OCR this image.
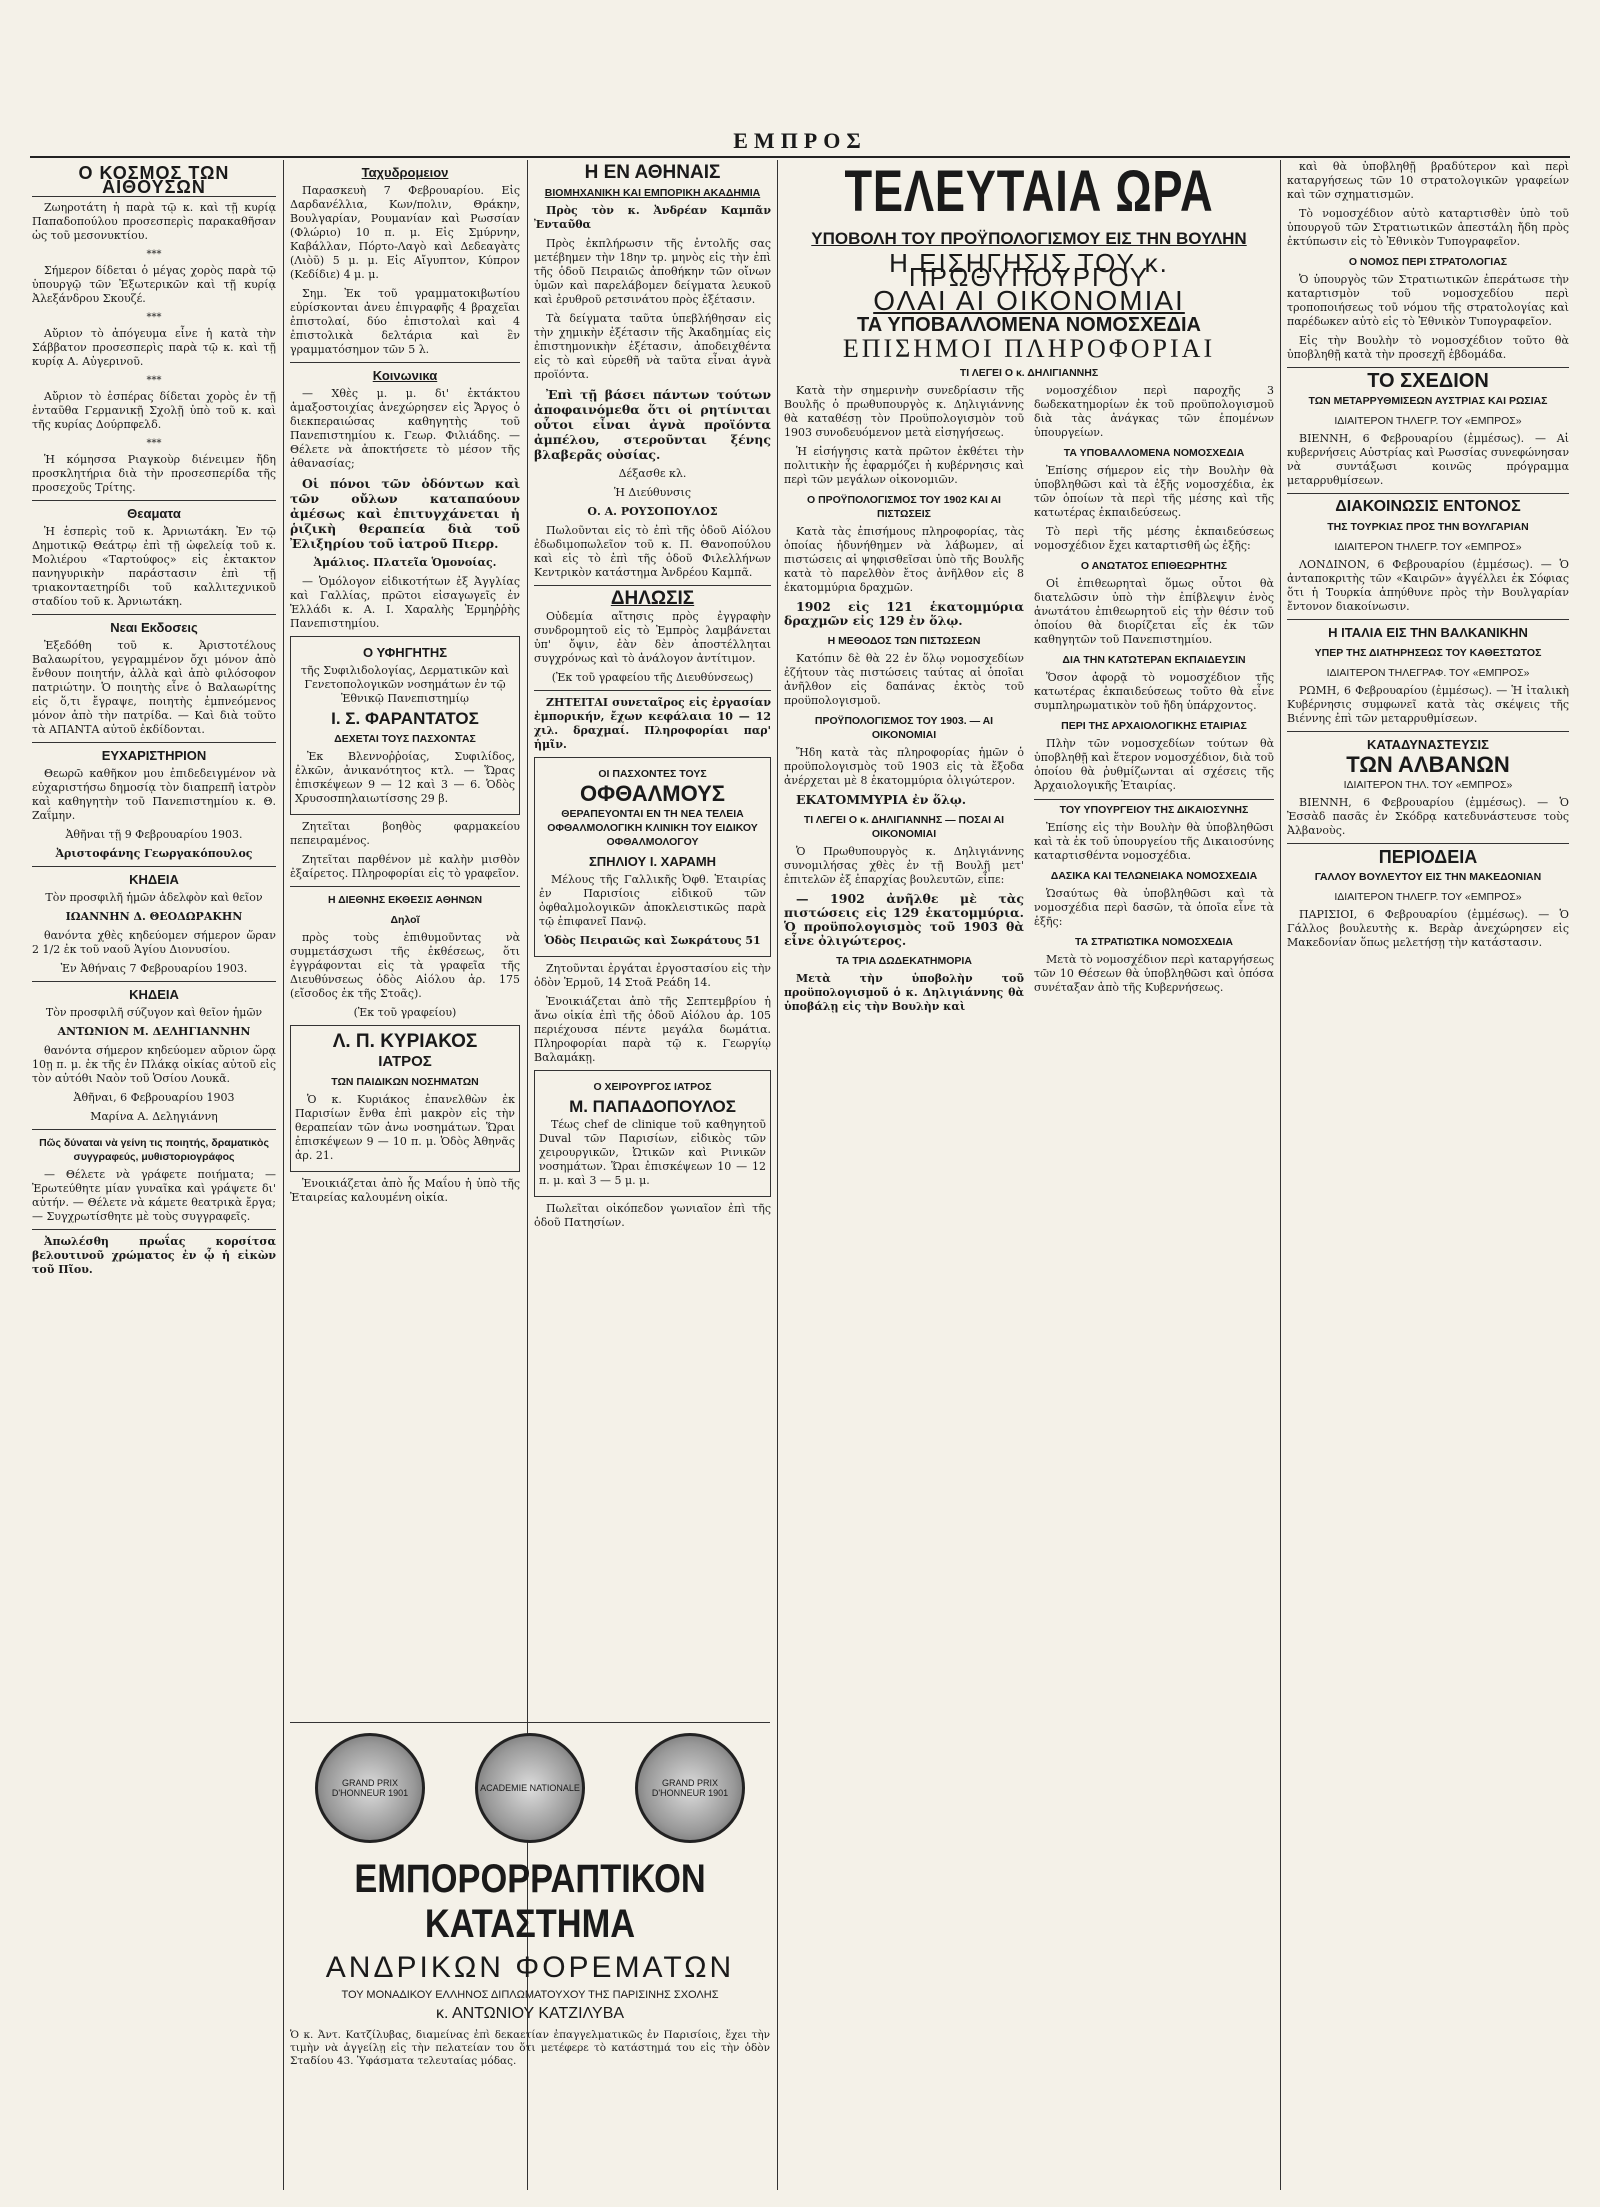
ΕΜΠΡΟΣ
Ο ΚΟΣΜΟΣ ΤΩΝ ΑΙΘΟΥΣΩΝ

Ζωηροτάτη ἡ παρὰ τῷ κ. καὶ τῇ κυρίᾳ Παπαδοπούλου προσεσπερὶς παρακαθῆσαν ὡς τοῦ μεσονυκτίου.

***

Σήμερον δίδεται ὁ μέγας χορὸς παρὰ τῷ ὑπουργῷ τῶν Ἐξωτερικῶν καὶ τῇ κυρίᾳ Ἀλεξάνδρου Σκουζέ.

***

Αὔριον τὸ ἀπόγευμα εἶνε ἡ κατὰ τὴν Σάββατον προσεσπερὶς παρὰ τῷ κ. καὶ τῇ κυρίᾳ Α. Αὐγερινοῦ.

***

Αὔριον τὸ ἑσπέρας δίδεται χορὸς ἐν τῇ ἐνταῦθα Γερμανικῇ Σχολῇ ὑπὸ τοῦ κ. καὶ τῆς κυρίας Δούρπφελδ.

***

Ἡ κόμησσα Ριαγκοὺρ διένειμεν ἤδη προσκλητήρια διὰ τὴν προσεσπερίδα τῆς προσεχοῦς Τρίτης.

Θεαματα

Ἡ ἑσπερὶς τοῦ κ. Ἀρνιωτάκη. Ἐν τῷ Δημοτικῷ Θεάτρῳ ἐπὶ τῇ ὠφελείᾳ τοῦ κ. Μολιέρου «Ταρτούφος» εἰς ἐκτακτον πανηγυρικὴν παράστασιν ἐπὶ τῇ τριακονταετηρίδι τοῦ καλλιτεχνικοῦ σταδίου τοῦ κ. Ἀρνιωτάκη.

Νεαι Εκδοσεις

Ἐξεδόθη τοῦ κ. Ἀριστοτέλους Βαλαωρίτου, γεγραμμένον ὄχι μόνον ἀπὸ ἔνθουν ποιητήν, ἀλλὰ καὶ ἀπὸ φιλόσοφον πατριώτην. Ὁ ποιητὴς εἶνε ὁ Βαλαωρίτης εἰς ὅ,τι ἔγραψε, ποιητὴς ἐμπνεόμενος μόνον ἀπὸ τὴν πατρίδα. — Καὶ διὰ τοῦτο τὰ ΑΠΑΝΤΑ αὐτοῦ ἐκδίδονται.

ΕΥΧΑΡΙΣΤΗΡΙΟΝ

Θεωρῶ καθῆκον μου ἐπιδεδειγμένον νὰ εὐχαριστήσω δημοσίᾳ τὸν διαπρεπῆ ἰατρὸν καὶ καθηγητὴν τοῦ Πανεπιστημίου κ. Θ. Ζαΐμην.

Ἀθῆναι τῇ 9 Φεβρουαρίου 1903.

Ἀριστοφάνης Γεωργακόπουλος

ΚΗΔΕΙΑ

Τὸν προσφιλῆ ἡμῶν ἀδελφὸν καὶ θεῖον

ΙΩΑΝΝΗΝ Δ. ΘΕΟΔΩΡΑΚΗΝ

θανόντα χθὲς κηδεύομεν σήμερον ὥραν 2 1/2 ἐκ τοῦ ναοῦ Ἁγίου Διονυσίου.

Ἐν Ἀθήναις 7 Φεβρουαρίου 1903.

ΚΗΔΕΙΑ

Τὸν προσφιλῆ σύζυγον καὶ θεῖον ἡμῶν

ΑΝΤΩΝΙΟΝ Μ. ΔΕΛΗΓΙΑΝΝΗΝ

θανόντα σήμερον κηδεύομεν αὔριον ὥρᾳ 10ῃ π. μ. ἐκ τῆς ἐν Πλάκᾳ οἰκίας αὐτοῦ εἰς τὸν αὐτόθι Ναὸν τοῦ Ὁσίου Λουκᾶ.

Ἀθῆναι, 6 Φεβρουαρίου 1903

Μαρίνα Α. Δεληγιάννη

Πῶς δύναται νὰ γείνη τις ποιητής, δραματικὸς συγγραφεύς, μυθιστοριογράφος

— Θέλετε νὰ γράφετε ποιήματα; — Ἐρωτεύθητε μίαν γυναῖκα καὶ γράψετε δι' αὐτήν. — Θέλετε νὰ κάμετε θεατρικὰ ἔργα; — Συγχρωτίσθητε μὲ τοὺς συγγραφεῖς.

Ἀπωλέσθη πρωΐας κορσίτσα βελουτινοῦ χρώματος ἐν ᾧ ἡ εἰκὼν τοῦ Πῖου.

Ταχυδρομειον

Παρασκευὴ 7 Φεβρουαρίου. Εἰς Δαρδανέλλια, Κων/πολιν, Θράκην, Βουλγαρίαν, Ρουμανίαν καὶ Ρωσσίαν (Φλώριο) 10 π. μ. Εἰς Σμύρνην, Καβάλλαν, Πόρτο-Λαγὸ καὶ Δεδεαγὰτς (Λιὸῦ) 5 μ. μ. Εἰς Αἴγυπτον, Κύπρον (Κεδίδιε) 4 μ. μ.

Σημ. Ἐκ τοῦ γραμματοκιβωτίου εὑρίσκονται ἀνευ ἐπιγραφῆς 4 βραχεῖαι ἐπιστολαί, δύο ἐπιστολαὶ καὶ 4 ἐπιστολικὰ δελτάρια καὶ ἓν γραμματόσημον τῶν 5 λ.

Κοινωνικα

— Χθὲς μ. μ. δι' ἐκτάκτου ἀμαξοστοιχίας ἀνεχώρησεν εἰς Ἄργος ὁ διεκπεραιώσας καθηγητὴς τοῦ Πανεπιστημίου κ. Γεωρ. Φιλιάδης. — Θέλετε νὰ ἀποκτήσετε τὸ μέσον τῆς ἀθανασίας;

Οἱ πόνοι τῶν ὀδόντων καὶ τῶν οὔλων καταπαύουν ἀμέσως καὶ ἐπιτυγχάνεται ἡ ῥιζικὴ θεραπεία διὰ τοῦ Ἐλιξηρίου τοῦ ἰατροῦ Πιερρ.

Ἀμάλιος. Πλατεῖα Ὁμονοίας.

— Ὁμόλογον εἰδικοτήτων ἐξ Ἀγγλίας καὶ Γαλλίας, πρῶτοι εἰσαγωγεῖς ἐν Ἑλλάδι κ. Α. Ι. Χαραλὴς Ἐρμηῤῥὴς Πανεπιστημίου.

Ο ΥΦΗΓΗΤΗΣ

τῆς Συφιλιδολογίας, Δερματικῶν καὶ Γενετοπολογικῶν νοσημάτων ἐν τῷ Ἐθνικῷ Πανεπιστημίῳ

Ι. Σ. ΦΑΡΑΝΤΑΤΟΣ
ΔΕΧΕΤΑΙ ΤΟΥΣ ΠΑΣΧΟΝΤΑΣ

Ἐκ Βλεννοῤῥοίας, Συφιλίδος, ἐλκῶν, ἀνικανότητος κτλ. — Ὥρας ἐπισκέψεων 9 — 12 καὶ 3 — 6. Ὁδὸς Χρυσοσπηλαιωτίσσης 29 β.

Ζητεῖται βοηθὸς φαρμακείου πεπειραμένος.

Ζητεῖται παρθένον μὲ καλὴν μισθὸν ἐξαίρετος. Πληροφορίαι εἰς τὸ γραφεῖον.

Η ΔΙΕΘΝΗΣ ΕΚΘΕΣΙΣ ΑΘΗΝΩΝ
Δηλοῖ

πρὸς τοὺς ἐπιθυμοῦντας νὰ συμμετάσχωσι τῆς ἐκθέσεως, ὅτι ἐγγράφονται εἰς τὰ γραφεῖα τῆς Διευθύνσεως ὁδὸς Αἰόλου ἀρ. 175 (εἴσοδος ἐκ τῆς Στοᾶς).

(Ἐκ τοῦ γραφείου)

Λ. Π. ΚΥΡΙΑΚΟΣ
ΙΑΤΡΟΣ
ΤΩΝ ΠΑΙΔΙΚΩΝ ΝΟΣΗΜΑΤΩΝ

Ὁ κ. Κυριάκος ἐπανελθὼν ἐκ Παρισίων ἔνθα ἐπὶ μακρὸν εἰς τὴν θεραπείαν τῶν ἀνω νοσημάτων. Ὥραι ἐπισκέψεων 9 — 10 π. μ. Ὁδὸς Ἀθηνᾶς ἀρ. 21.

Ἐνοικιάζεται ἀπὸ ἧς Μαΐου ἡ ὑπὸ τῆς Ἐταιρείας καλουμένη οἰκία.

Η ΕΝ ΑΘΗΝΑΙΣ
ΒΙΟΜΗΧΑΝΙΚΗ ΚΑΙ ΕΜΠΟΡΙΚΗ ΑΚΑΔΗΜΙΑ

Πρὸς τὸν κ. Ἀνδρέαν Καμπᾶν Ἐνταῦθα

Πρὸς ἐκπλήρωσιν τῆς ἐντολῆς σας μετέβημεν τὴν 18ην τρ. μηνὸς εἰς τὴν ἐπὶ τῆς ὁδοῦ Πειραιῶς ἀποθήκην τῶν οἴνων ὑμῶν καὶ παρελάβομεν δείγματα λευκοῦ καὶ ἐρυθροῦ ρετσινάτου πρὸς ἐξέτασιν.

Τὰ δείγματα ταῦτα ὑπεβλήθησαν εἰς τὴν χημικὴν ἐξέτασιν τῆς Ἀκαδημίας εἰς ἐπιστημονικὴν ἐξέτασιν, ἀποδειχθέντα εἰς τὸ καὶ εὑρεθῆ νὰ ταῦτα εἶναι ἀγνὰ προϊόντα.

Ἐπὶ τῇ βάσει πάντων τούτων ἀποφαινόμεθα ὅτι οἱ ρητίνιται οὗτοι εἶναι ἀγνὰ προϊόντα ἀμπέλου, στεροῦνται ξένης βλαβερᾶς οὐσίας.

Δέξασθε κλ.

Ἡ Διεύθυνσις

Ο. Α. ΡΟΥΣΟΠΟΥΛΟΣ

Πωλοῦνται εἰς τὸ ἐπὶ τῆς ὁδοῦ Αἰόλου ἐδωδιμοπωλεῖον τοῦ κ. Π. Θανοπούλου καὶ εἰς τὸ ἐπὶ τῆς ὁδοῦ Φιλελλήνων Κεντρικὸν κατάστημα Ἀνδρέου Καμπᾶ.

ΔΗΛΩΣΙΣ

Οὐδεμία αἴτησις πρὸς ἐγγραφὴν συνδρομητοῦ εἰς τὸ Ἐμπρὸς λαμβάνεται ὑπ' ὄψιν, ἐὰν δὲν ἀποστέλληται συγχρόνως καὶ τὸ ἀνάλογον ἀντίτιμον.

(Ἐκ τοῦ γραφείου τῆς Διευθύνσεως)

ΖΗΤΕΙΤΑΙ συνεταῖρος εἰς ἐργασίαν ἐμπορικήν, ἔχων κεφάλαια 10 — 12 χιλ. δραχμαί. Πληροφορίαι παρ' ἡμῖν.

ΟΙ ΠΑΣΧΟΝΤΕΣ ΤΟΥΣ
ΟΦΘΑΛΜΟΥΣ
ΘΕΡΑΠΕΥΟΝΤΑΙ ΕΝ ΤΗ ΝΕΑ ΤΕΛΕΙΑ ΟΦΘΑΛΜΟΛΟΓΙΚΗ ΚΛΙΝΙΚΗ ΤΟΥ ΕΙΔΙΚΟΥ ΟΦΘΑΛΜΟΛΟΓΟΥ
ΣΠΗΛΙΟΥ Ι. ΧΑΡΑΜΗ

Μέλους τῆς Γαλλικῆς Ὀφθ. Ἑταιρίας ἐν Παρισίοις εἰδικοῦ τῶν ὀφθαλμολογικῶν ἀποκλειστικῶς παρὰ τῷ ἐπιφανεῖ Πανῷ.

Ὁδὸς Πειραιῶς καὶ Σωκράτους 51

Ζητοῦνται ἐργάται ἐργοστασίου εἰς τὴν ὁδὸν Ἑρμοῦ, 14 Στοᾶ Ρεάδη 14.

Ἐνοικιάζεται ἀπὸ τῆς Σεπτεμβρίου ἡ ἄνω οἰκία ἐπὶ τῆς ὁδοῦ Αἰόλου ἀρ. 105 περιέχουσα πέντε μεγάλα δωμάτια. Πληροφορίαι παρὰ τῷ κ. Γεωργίῳ Βαλαμάκῃ.

Ο ΧΕΙΡΟΥΡΓΟΣ ΙΑΤΡΟΣ
Μ. ΠΑΠΑΔΟΠΟΥΛΟΣ

Τέως chef de clinique τοῦ καθηγητοῦ Duval τῶν Παρισίων, εἰδικὸς τῶν χειρουργικῶν, Ὠτικῶν καὶ Ρινικῶν νοσημάτων. Ὥραι ἐπισκέψεων 10 — 12 π. μ. καὶ 3 — 5 μ. μ.

Πωλεῖται οἰκόπεδον γωνιαῖον ἐπὶ τῆς ὁδοῦ Πατησίων.

ΤΕΛΕΥΤΑΙΑ ΩΡΑ
ΥΠΟΒΟΛΗ ΤΟΥ ΠΡΟΫΠΟΛΟΓΙΣΜΟΥ ΕΙΣ ΤΗΝ ΒΟΥΛΗΝ
Η ΕΙΣΗΓΗΣΙΣ ΤΟΥ κ. ΠΡΩΘΥΠΟΥΡΓΟΥ
ΟΛΑΙ ΑΙ ΟΙΚΟΝΟΜΙΑΙ
ΤΑ ΥΠΟΒΑΛΛΟΜΕΝΑ ΝΟΜΟΣΧΕΔΙΑ
ΕΠΙΣΗΜΟΙ ΠΛΗΡΟΦΟΡΙΑΙ
ΤΙ ΛΕΓΕΙ Ο κ. ΔΗΛΙΓΙΑΝΝΗΣ

Κατὰ τὴν σημερινὴν συνεδρίασιν τῆς Βουλῆς ὁ πρωθυπουργὸς κ. Δηλιγιάννης θὰ καταθέσῃ τὸν Προϋπολογισμὸν τοῦ 1903 συνοδευόμενον μετὰ εἰσηγήσεως.

Ἡ εἰσήγησις κατὰ πρῶτον ἐκθέτει τὴν πολιτικὴν ἧς ἐφαρμόζει ἡ κυβέρνησις καὶ περὶ τῶν μεγάλων οἰκονομιῶν.

Ο ΠΡΟΫΠΟΛΟΓΙΣΜΟΣ ΤΟΥ 1902 ΚΑΙ ΑΙ ΠΙΣΤΩΣΕΙΣ

Κατὰ τὰς ἐπισήμους πληροφορίας, τὰς ὁποίας ἠδυνήθημεν νὰ λάβωμεν, αἱ πιστώσεις αἱ ψηφισθεῖσαι ὑπὸ τῆς Βουλῆς κατὰ τὸ παρελθὸν ἔτος ἀνῆλθον εἰς 8 ἑκατομμύρια δραχμῶν.

1902 εἰς 121 ἑκατομμύρια δραχμῶν εἰς 129 ἐν ὅλῳ.

Η ΜΕΘΟΔΟΣ ΤΩΝ ΠΙΣΤΩΣΕΩΝ

Κατόπιν δὲ θὰ 22 ἐν ὅλῳ νομοσχεδίων ἐζήτουν τὰς πιστώσεις ταύτας αἱ ὁποῖαι ἀνῆλθον εἰς δαπάνας ἐκτὸς τοῦ προϋπολογισμοῦ.

ΠΡΟΫΠΟΛΟΓΙΣΜΟΣ ΤΟΥ 1903. — ΑΙ ΟΙΚΟΝΟΜΙΑΙ

Ἤδη κατὰ τὰς πληροφορίας ἡμῶν ὁ προϋπολογισμὸς τοῦ 1903 εἰς τὰ ἔξοδα ἀνέρχεται μὲ 8 ἑκατομμύρια ὀλιγώτερον.

ΕΚΑΤΟΜΜΥΡΙΑ ἐν ὅλῳ.

ΤΙ ΛΕΓΕΙ Ο κ. ΔΗΛΙΓΙΑΝΝΗΣ — ΠΟΣΑΙ ΑΙ ΟΙΚΟΝΟΜΙΑΙ

Ὁ Πρωθυπουργὸς κ. Δηλιγιάννης συνομιλήσας χθὲς ἐν τῇ Βουλῇ μετ' ἐπιτελῶν ἐξ ἐπαρχίας βουλευτῶν, εἶπε:

— 1902 ἀνῆλθε μὲ τὰς πιστώσεις εἰς 129 ἑκατομμύρια. Ὁ προϋπολογισμὸς τοῦ 1903 θὰ εἶνε ὀλιγώτερος.

ΤΑ ΤΡΙΑ ΔΩΔΕΚΑΤΗΜΟΡΙΑ

Μετὰ τὴν ὑποβολὴν τοῦ προϋπολογισμοῦ ὁ κ. Δηλιγιάννης θὰ ὑποβάλῃ εἰς τὴν Βουλὴν καὶ

νομοσχέδιον περὶ παροχῆς 3 δωδεκατημορίων ἐκ τοῦ προϋπολογισμοῦ διὰ τὰς ἀνάγκας τῶν ἑπομένων ὑπουργείων.

ΤΑ ΥΠΟΒΑΛΛΟΜΕΝΑ ΝΟΜΟΣΧΕΔΙΑ

Ἐπίσης σήμερον εἰς τὴν Βουλὴν θὰ ὑποβληθῶσι καὶ τὰ ἑξῆς νομοσχέδια, ἐκ τῶν ὁποίων τὰ περὶ τῆς μέσης καὶ τῆς κατωτέρας ἐκπαιδεύσεως.

Τὸ περὶ τῆς μέσης ἐκπαιδεύσεως νομοσχέδιον ἔχει καταρτισθῆ ὡς ἑξῆς:

Ο ΑΝΩΤΑΤΟΣ ΕΠΙΘΕΩΡΗΤΗΣ

Οἱ ἐπιθεωρηταὶ ὅμως οὗτοι θὰ διατελῶσιν ὑπὸ τὴν ἐπίβλεψιν ἑνὸς ἀνωτάτου ἐπιθεωρητοῦ εἰς τὴν θέσιν τοῦ ὁποίου θὰ διορίζεται εἷς ἐκ τῶν καθηγητῶν τοῦ Πανεπιστημίου.

ΔΙΑ ΤΗΝ ΚΑΤΩΤΕΡΑΝ ΕΚΠΑΙΔΕΥΣΙΝ

Ὅσον ἀφορᾷ τὸ νομοσχέδιον τῆς κατωτέρας ἐκπαιδεύσεως τοῦτο θὰ εἶνε συμπληρωματικὸν τοῦ ἤδη ὑπάρχοντος.

ΠΕΡΙ ΤΗΣ ΑΡΧΑΙΟΛΟΓΙΚΗΣ ΕΤΑΙΡΙΑΣ

Πλὴν τῶν νομοσχεδίων τούτων θὰ ὑποβληθῇ καὶ ἕτερον νομοσχέδιον, διὰ τοῦ ὁποίου θὰ ῥυθμίζωνται αἱ σχέσεις τῆς Ἀρχαιολογικῆς Ἑταιρίας.

ΤΟΥ ΥΠΟΥΡΓΕΙΟΥ ΤΗΣ ΔΙΚΑΙΟΣΥΝΗΣ

Ἐπίσης εἰς τὴν Βουλὴν θὰ ὑποβληθῶσι καὶ τὰ ἐκ τοῦ ὑπουργείου τῆς Δικαιοσύνης καταρτισθέντα νομοσχέδια.

ΔΑΣΙΚΑ ΚΑΙ ΤΕΛΩΝΕΙΑΚΑ ΝΟΜΟΣΧΕΔΙΑ

Ὡσαύτως θὰ ὑποβληθῶσι καὶ τὰ νομοσχέδια περὶ δασῶν, τὰ ὁποῖα εἶνε τὰ ἑξῆς:

ΤΑ ΣΤΡΑΤΙΩΤΙΚΑ ΝΟΜΟΣΧΕΔΙΑ

Μετὰ τὸ νομοσχέδιον περὶ καταργήσεως τῶν 10 Θέσεων θὰ ὑποβληθῶσι καὶ ὁπόσα συνέταξαν ἀπὸ τῆς Κυβερνήσεως.

καὶ θὰ ὑποβληθῇ βραδύτερον καὶ περὶ καταργήσεως τῶν 10 στρατολογικῶν γραφείων καὶ τῶν σχηματισμῶν.

Τὸ νομοσχέδιον αὐτὸ καταρτισθὲν ὑπὸ τοῦ ὑπουργοῦ τῶν Στρατιωτικῶν ἀπεστάλη ἤδη πρὸς ἐκτύπωσιν εἰς τὸ Ἐθνικὸν Τυπογραφεῖον.

Ο ΝΟΜΟΣ ΠΕΡΙ ΣΤΡΑΤΟΛΟΓΙΑΣ

Ὁ ὑπουργὸς τῶν Στρατιωτικῶν ἐπεράτωσε τὴν καταρτισμὸν τοῦ νομοσχεδίου περὶ τροποποιήσεως τοῦ νόμου τῆς στρατολογίας καὶ παρέδωκεν αὐτὸ εἰς τὸ Ἐθνικὸν Τυπογραφεῖον.

Εἰς τὴν Βουλὴν τὸ νομοσχέδιον τοῦτο θὰ ὑποβληθῇ κατὰ τὴν προσεχῆ ἑβδομάδα.

ΤΟ ΣΧΕΔΙΟΝ
ΤΩΝ ΜΕΤΑΡΡΥΘΜΙΣΕΩΝ ΑΥΣΤΡΙΑΣ ΚΑΙ ΡΩΣΙΑΣ
ΙΔΙΑΙΤΕΡΟΝ ΤΗΛΕΓΡ. ΤΟΥ «ΕΜΠΡΟΣ»

ΒΙΕΝΝΗ, 6 Φεβρουαρίου (ἐμμέσως). — Αἱ κυβερνήσεις Αὐστρίας καὶ Ρωσσίας συνεφώνησαν νὰ συντάξωσι κοινῶς πρόγραμμα μεταρρυθμίσεων.

ΔΙΑΚΟΙΝΩΣΙΣ ΕΝΤΟΝΟΣ
ΤΗΣ ΤΟΥΡΚΙΑΣ ΠΡΟΣ ΤΗΝ ΒΟΥΛΓΑΡΙΑΝ
ΙΔΙΑΙΤΕΡΟΝ ΤΗΛΕΓΡ. ΤΟΥ «ΕΜΠΡΟΣ»

ΛΟΝΔΙΝΟΝ, 6 Φεβρουαρίου (ἐμμέσως). — Ὁ ἀνταποκριτὴς τῶν «Καιρῶν» ἀγγέλλει ἐκ Σόφιας ὅτι ἡ Τουρκία ἀπηύθυνε πρὸς τὴν Βουλγαρίαν ἔντονον διακοίνωσιν.

Η ΙΤΑΛΙΑ ΕΙΣ ΤΗΝ ΒΑΛΚΑΝΙΚΗΝ
ΥΠΕΡ ΤΗΣ ΔΙΑΤΗΡΗΣΕΩΣ ΤΟΥ ΚΑΘΕΣΤΩΤΟΣ
ΙΔΙΑΙΤΕΡΟΝ ΤΗΛΕΓΡΑΦ. ΤΟΥ «ΕΜΠΡΟΣ»

ΡΩΜΗ, 6 Φεβρουαρίου (ἐμμέσως). — Ἡ ἰταλικὴ Κυβέρνησις συμφωνεῖ κατὰ τὰς σκέψεις τῆς Βιέννης ἐπὶ τῶν μεταρρυθμίσεων.

ΚΑΤΑΔΥΝΑΣΤΕΥΣΙΣ
ΤΩΝ ΑΛΒΑΝΩΝ
ΙΔΙΑΙΤΕΡΟΝ ΤΗΛ. ΤΟΥ «ΕΜΠΡΟΣ»

ΒΙΕΝΝΗ, 6 Φεβρουαρίου (ἐμμέσως). — Ὁ Ἐσσὰδ πασᾶς ἐν Σκόδρᾳ κατεδυνάστευσε τοὺς Ἀλβανοὺς.

ΠΕΡΙΟΔΕΙΑ
ΓΑΛΛΟΥ ΒΟΥΛΕΥΤΟΥ ΕΙΣ ΤΗΝ ΜΑΚΕΔΟΝΙΑΝ
ΙΔΙΑΙΤΕΡΟΝ ΤΗΛΕΓΡ. ΤΟΥ «ΕΜΠΡΟΣ»

ΠΑΡΙΣΙΟΙ, 6 Φεβρουαρίου (ἐμμέσως). — Ὁ Γάλλος βουλευτὴς κ. Βερὰρ ἀνεχώρησεν εἰς Μακεδονίαν ὅπως μελετήσῃ τὴν κατάστασιν.

GRAND PRIX D'HONNEUR 1901	ACADEMIE NATIONALE	GRAND PRIX D'HONNEUR 1901
ΕΜΠΟΡΟΡΡΑΠΤΙΚΟΝ ΚΑΤΑΣΤΗΜΑ
ΑΝΔΡΙΚΩΝ ΦΟΡΕΜΑΤΩΝ
ΤΟΥ ΜΟΝΑΔΙΚΟΥ ΕΛΛΗΝΟΣ ΔΙΠΛΩΜΑΤΟΥΧΟΥ ΤΗΣ ΠΑΡΙΣΙΝΗΣ ΣΧΟΛΗΣ
κ. ΑΝΤΩΝΙΟΥ ΚΑΤΖΙΛΥΒΑ
Ὁ κ. Ἀντ. Κατζίλυβας, διαμείνας ἐπὶ δεκαετίαν ἐπαγγελματικῶς ἐν Παρισίοις, ἔχει τὴν τιμὴν νὰ ἀγγείλῃ εἰς τὴν πελατείαν του ὅτι μετέφερε τὸ κατάστημά του εἰς τὴν ὁδὸν Σταδίου 43. Ὑφάσματα τελευταίας μόδας.
